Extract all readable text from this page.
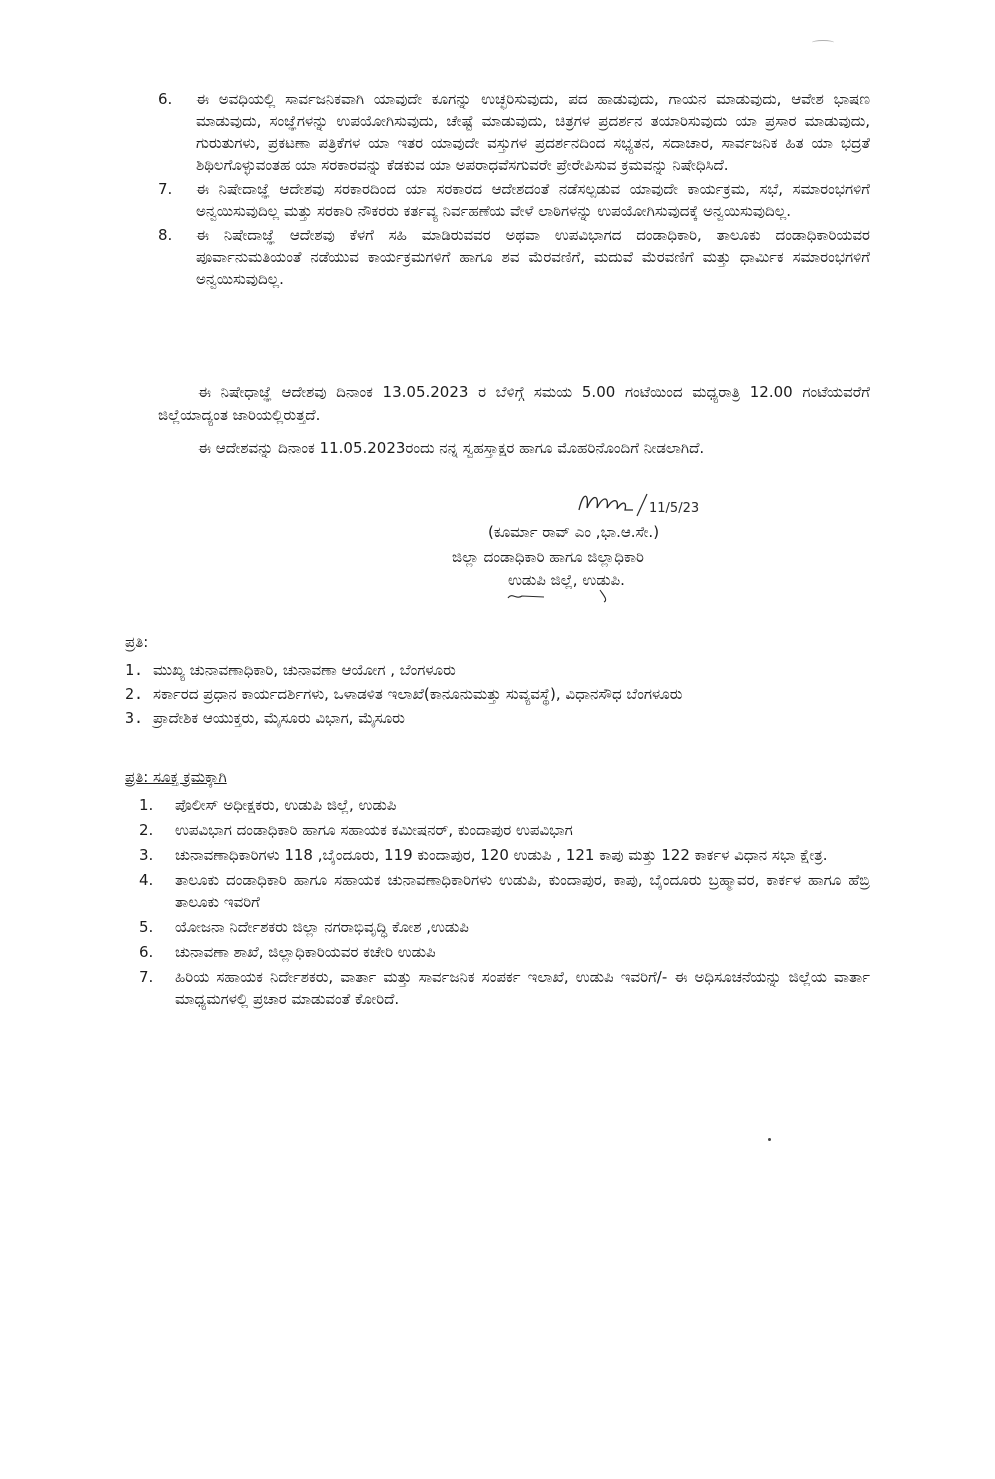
6.	ಈ ಅವಧಿಯಲ್ಲಿ ಸಾರ್ವಜನಿಕವಾಗಿ ಯಾವುದೇ ಕೂಗನ್ನು ಉಚ್ಛರಿಸುವುದು, ಪದ ಹಾಡುವುದು, ಗಾಯನ ಮಾಡುವುದು, ಆವೇಶ ಭಾಷಣ ಮಾಡುವುದು, ಸಂಜ್ಞೆಗಳನ್ನು ಉಪಯೋಗಿಸುವುದು, ಚೇಷ್ಟೆ ಮಾಡುವುದು, ಚಿತ್ರಗಳ ಪ್ರದರ್ಶನ ತಯಾರಿಸುವುದು ಯಾ ಪ್ರಸಾರ ಮಾಡುವುದು, ಗುರುತುಗಳು, ಪ್ರಕಟಣಾ ಪತ್ರಿಕೆಗಳ ಯಾ ಇತರ ಯಾವುದೇ ವಸ್ತುಗಳ ಪ್ರದರ್ಶನದಿಂದ ಸಭ್ಯತನ, ಸದಾಚಾರ, ಸಾರ್ವಜನಿಕ ಹಿತ ಯಾ ಭದ್ರತೆ ಶಿಥಿಲಗೊಳ್ಳುವಂತಹ ಯಾ ಸರಕಾರವನ್ನು ಕೆಡಕುವ ಯಾ ಅಪರಾಧವೆಸಗುವರೇ ಪ್ರೇರೇಪಿಸುವ ಕ್ರಮವನ್ನು ನಿಷೇಧಿಸಿದೆ.
7.	ಈ ನಿಷೇದಾಜ್ಞೆ ಆದೇಶವು ಸರಕಾರದಿಂದ ಯಾ ಸರಕಾರದ ಆದೇಶದಂತೆ ನಡೆಸಲ್ಪಡುವ ಯಾವುದೇ ಕಾರ್ಯಕ್ರಮ, ಸಭೆ, ಸಮಾರಂಭಗಳಿಗೆ ಅನ್ವಯಿಸುವುದಿಲ್ಲ ಮತ್ತು ಸರಕಾರಿ ನೌಕರರು ಕರ್ತವ್ಯ ನಿರ್ವಹಣೆಯ ವೇಳೆ ಲಾಠಿಗಳನ್ನು ಉಪಯೋಗಿಸುವುದಕ್ಕೆ ಅನ್ವಯಿಸುವುದಿಲ್ಲ.
8.	ಈ ನಿಷೇದಾಜ್ಞೆ ಆದೇಶವು ಕೆಳಗೆ ಸಹಿ ಮಾಡಿರುವವರ ಅಥವಾ ಉಪವಿಭಾಗದ ದಂಡಾಧಿಕಾರಿ, ತಾಲೂಕು ದಂಡಾಧಿಕಾರಿಯವರ ಪೂರ್ವಾನುಮತಿಯಂತೆ ನಡೆಯುವ ಕಾರ್ಯಕ್ರಮಗಳಿಗೆ ಹಾಗೂ ಶವ ಮೆರವಣಿಗೆ, ಮದುವೆ ಮೆರವಣಿಗೆ ಮತ್ತು ಧಾರ್ಮಿಕ ಸಮಾರಂಭಗಳಿಗೆ ಅನ್ವಯಿಸುವುದಿಲ್ಲ.

ಈ ನಿಷೇಧಾಜ್ಞೆ ಆದೇಶವು ದಿನಾಂಕ 13.05.2023 ರ ಬೆಳಿಗ್ಗೆ ಸಮಯ 5.00 ಗಂಟೆಯಿಂದ ಮಧ್ಯರಾತ್ರಿ 12.00 ಗಂಟೆಯವರೆಗೆ ಜಿಲ್ಲೆಯಾದ್ಯಂತ ಜಾರಿಯಲ್ಲಿರುತ್ತದೆ.

ಈ ಆದೇಶವನ್ನು ದಿನಾಂಕ 11.05.2023ರಂದು ನನ್ನ ಸ್ವಹಸ್ತಾಕ್ಷರ ಹಾಗೂ ಮೊಹರಿನೊಂದಿಗೆ ನೀಡಲಾಗಿದೆ.

11/5/23
(ಕೂರ್ಮಾ ರಾವ್ ಎಂ ,ಭಾ.ಆ.ಸೇ.)
ಜಿಲ್ಲಾ ದಂಡಾಧಿಕಾರಿ ಹಾಗೂ ಜಿಲ್ಲಾಧಿಕಾರಿ
ಉಡುಪಿ ಜಿಲ್ಲೆ, ಉಡುಪಿ.

ಪ್ರತಿ:

1. ಮುಖ್ಯ ಚುನಾವಣಾಧಿಕಾರಿ, ಚುನಾವಣಾ ಆಯೋಗ , ಬೆಂಗಳೂರು
2. ಸರ್ಕಾರದ ಪ್ರಧಾನ ಕಾರ್ಯದರ್ಶಿಗಳು, ಒಳಾಡಳಿತ ಇಲಾಖೆ(ಕಾನೂನುಮತ್ತು ಸುವ್ಯವಸ್ಥೆ), ವಿಧಾನಸೌಧ ಬೆಂಗಳೂರು
3. ಪ್ರಾದೇಶಿಕ ಆಯುಕ್ತರು, ಮೈಸೂರು ವಿಭಾಗ, ಮೈಸೂರು

ಪ್ರತಿ: ಸೂಕ್ತ ಕ್ರಮಕ್ಕಾಗಿ

1.	ಪೊಲೀಸ್ ಅಧೀಕ್ಷಕರು, ಉಡುಪಿ ಜಿಲ್ಲೆ, ಉಡುಪಿ
2.	ಉಪವಿಭಾಗ ದಂಡಾಧಿಕಾರಿ ಹಾಗೂ ಸಹಾಯಕ ಕಮೀಷನರ್, ಕುಂದಾಪುರ ಉಪವಿಭಾಗ
3.	ಚುನಾವಣಾಧಿಕಾರಿಗಳು 118 ,ಬೈಂದೂರು, 119 ಕುಂದಾಪುರ, 120 ಉಡುಪಿ , 121 ಕಾಪು ಮತ್ತು 122 ಕಾರ್ಕಳ ವಿಧಾನ ಸಭಾ ಕ್ಷೇತ್ರ.
4.	ತಾಲೂಕು ದಂಡಾಧಿಕಾರಿ ಹಾಗೂ ಸಹಾಯಕ ಚುನಾವಣಾಧಿಕಾರಿಗಳು ಉಡುಪಿ, ಕುಂದಾಪುರ, ಕಾಪು, ಬೈಂದೂರು ಬ್ರಹ್ಮಾವರ, ಕಾರ್ಕಳ ಹಾಗೂ ಹೆಬ್ರಿ ತಾಲೂಕು ಇವರಿಗೆ
5.	ಯೋಜನಾ ನಿರ್ದೇಶಕರು ಜಿಲ್ಲಾ ನಗರಾಭಿವೃದ್ಧಿ ಕೋಶ ,ಉಡುಪಿ
6.	ಚುನಾವಣಾ ಶಾಖೆ, ಜಿಲ್ಲಾಧಿಕಾರಿಯವರ ಕಚೇರಿ ಉಡುಪಿ
7.	ಹಿರಿಯ ಸಹಾಯಕ ನಿರ್ದೇಶಕರು, ವಾರ್ತಾ ಮತ್ತು ಸಾರ್ವಜನಿಕ ಸಂಪರ್ಕ ಇಲಾಖೆ, ಉಡುಪಿ ಇವರಿಗೆ/- ಈ ಅಧಿಸೂಚನೆಯನ್ನು ಜಿಲ್ಲೆಯ ವಾರ್ತಾ ಮಾಧ್ಯಮಗಳಲ್ಲಿ ಪ್ರಚಾರ ಮಾಡುವಂತೆ ಕೋರಿದೆ.
